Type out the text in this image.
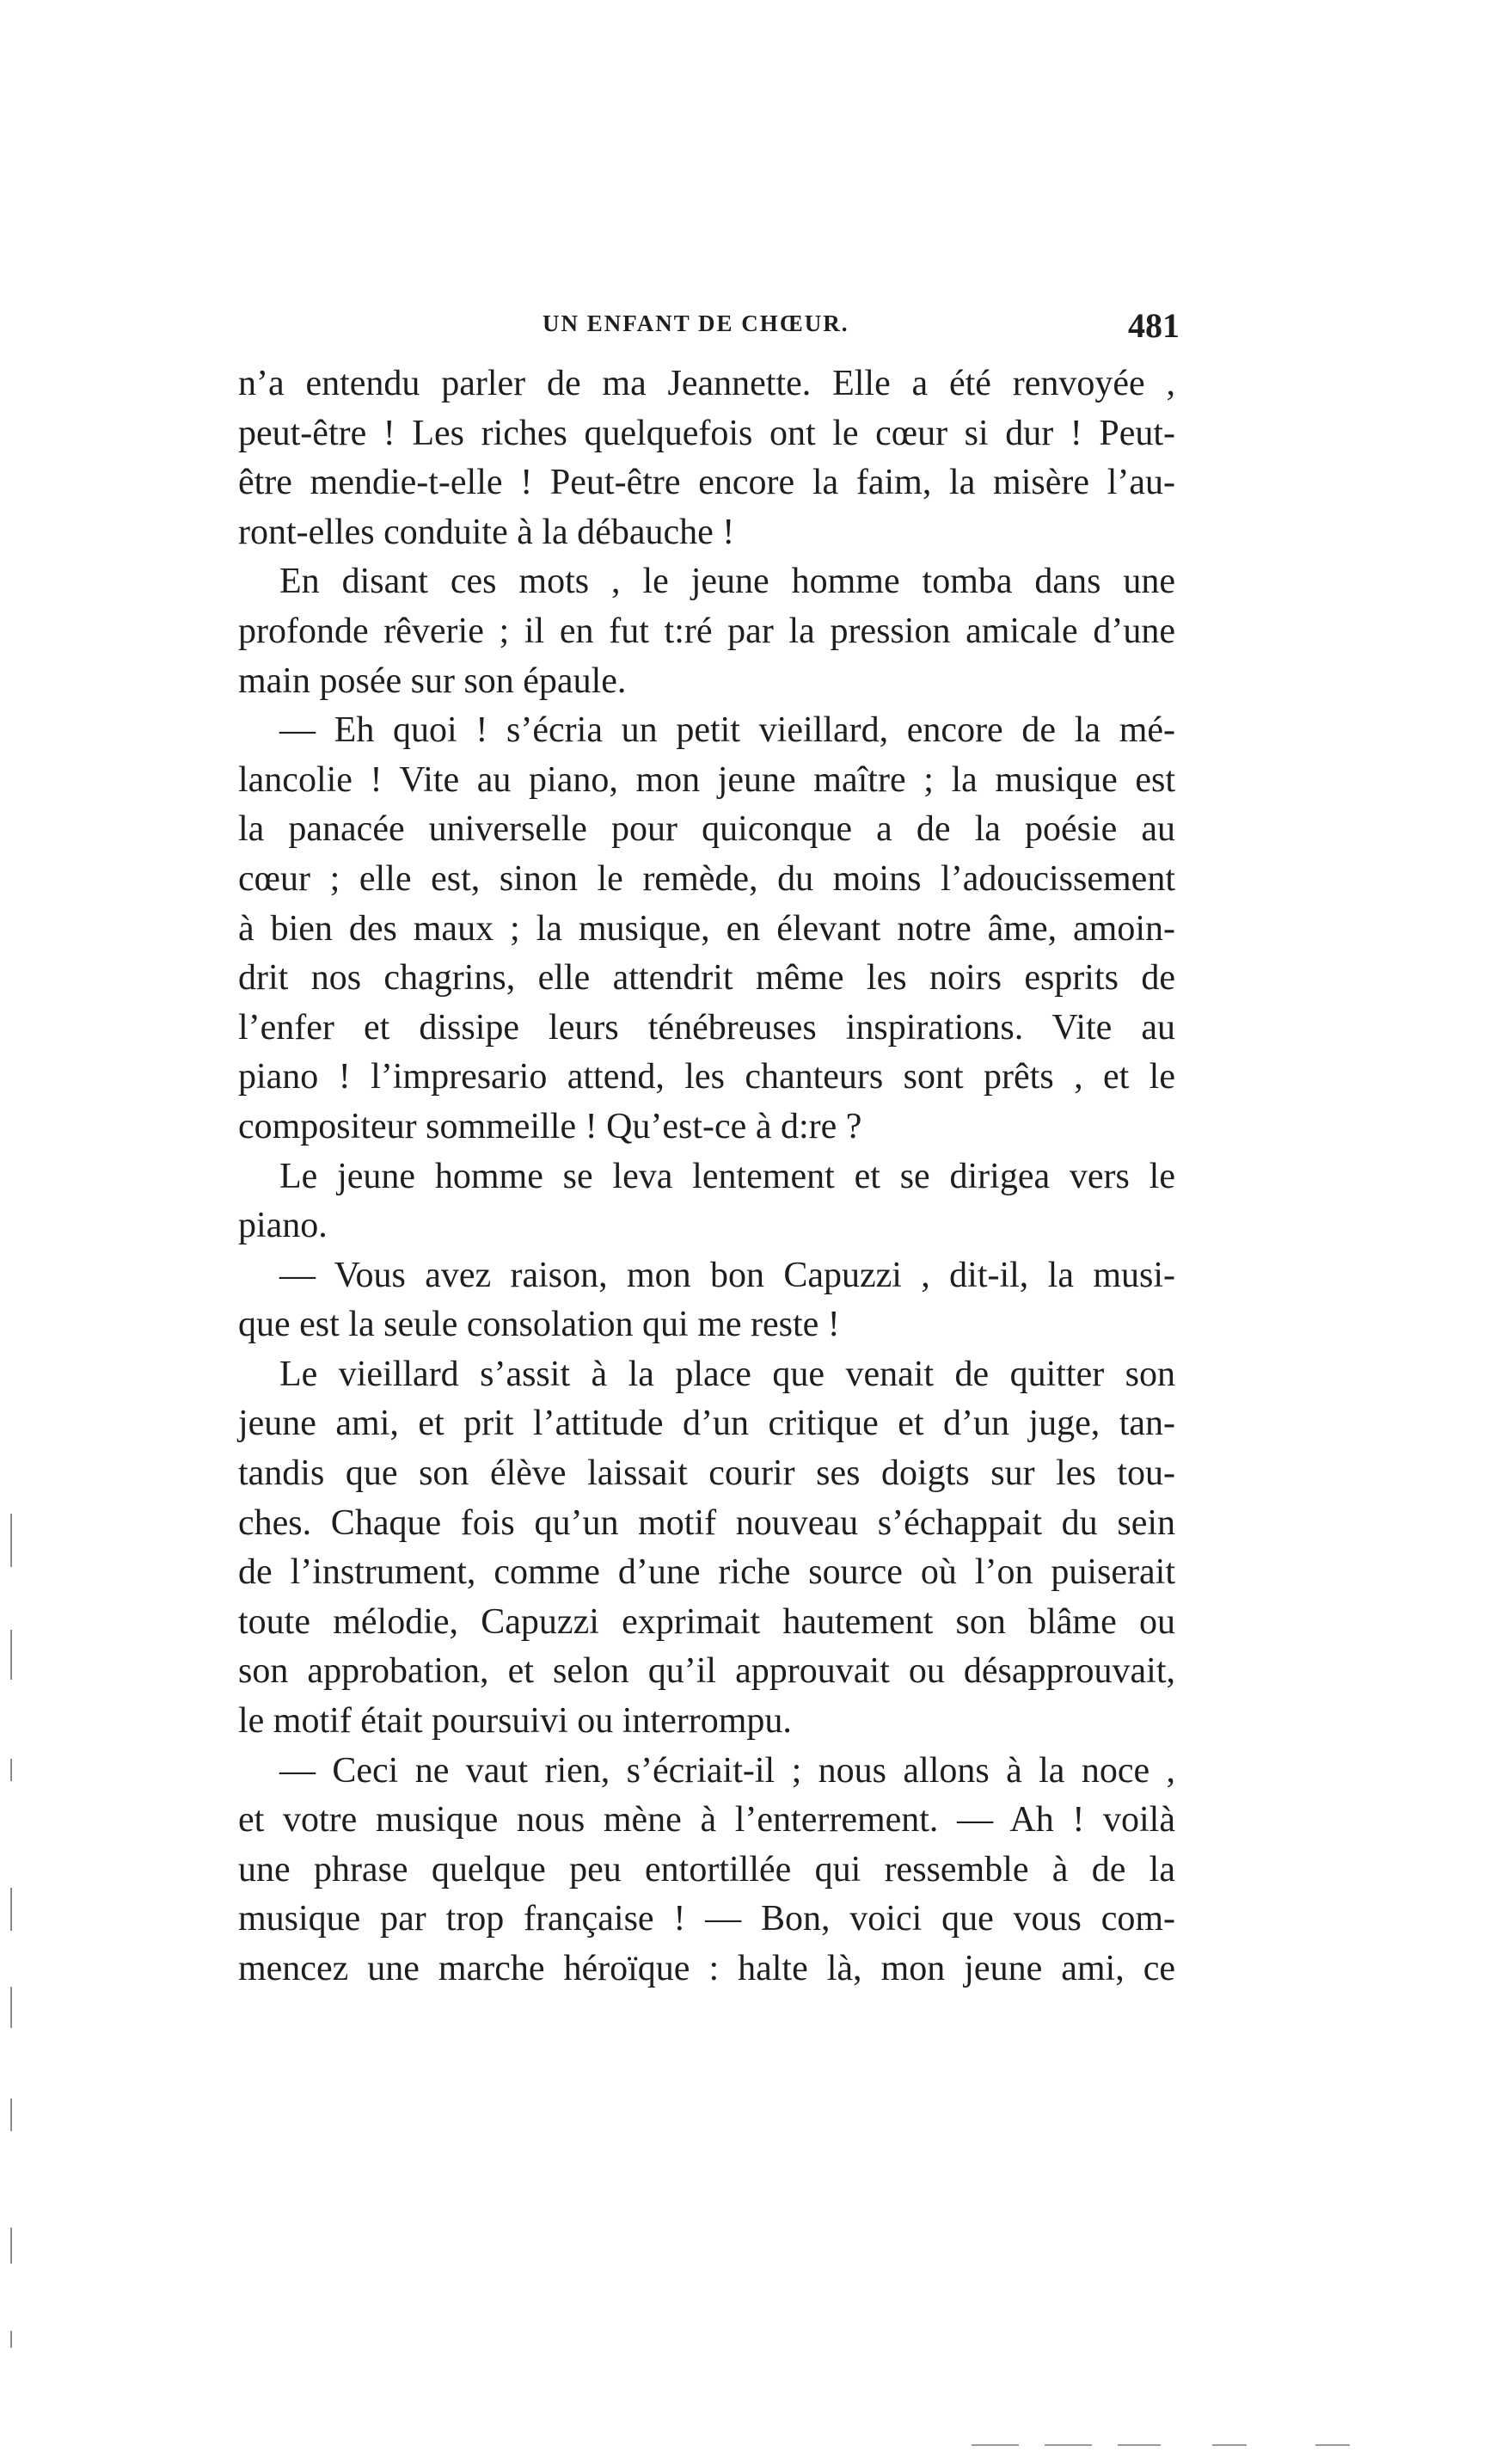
UN ENFANT DE CHŒUR.	481
n’a entendu parler de ma Jeannette. Elle a été renvoyée ,
peut-être ! Les riches quelquefois ont le cœur si dur ! Peut-
être mendie-t-elle ! Peut-être encore la faim, la misère l’au-
ront-elles conduite à la débauche !
En disant ces mots , le jeune homme tomba dans une
profonde rêverie ; il en fut t:ré par la pression amicale d’une
main posée sur son épaule.
— Eh quoi ! s’écria un petit vieillard, encore de la mé-
lancolie ! Vite au piano, mon jeune maître ; la musique est
la panacée universelle pour quiconque a de la poésie au
cœur ; elle est, sinon le remède, du moins l’adoucissement
à bien des maux ; la musique, en élevant notre âme, amoin-
drit nos chagrins, elle attendrit même les noirs esprits de
l’enfer et dissipe leurs ténébreuses inspirations. Vite au
piano ! l’impresario attend, les chanteurs sont prêts , et le
compositeur sommeille ! Qu’est-ce à d:re ?
Le jeune homme se leva lentement et se dirigea vers le
piano.
— Vous avez raison, mon bon Capuzzi , dit-il, la musi-
que est la seule consolation qui me reste !
Le vieillard s’assit à la place que venait de quitter son
jeune ami, et prit l’attitude d’un critique et d’un juge, tan-
tandis que son élève laissait courir ses doigts sur les tou-
ches. Chaque fois qu’un motif nouveau s’échappait du sein
de l’instrument, comme d’une riche source où l’on puiserait
toute mélodie, Capuzzi exprimait hautement son blâme ou
son approbation, et selon qu’il approuvait ou désapprouvait,
le motif était poursuivi ou interrompu.
— Ceci ne vaut rien, s’écriait-il ; nous allons à la noce ,
et votre musique nous mène à l’enterrement. — Ah ! voilà
une phrase quelque peu entortillée qui ressemble à de la
musique par trop française ! — Bon, voici que vous com-
mencez une marche héroïque : halte là, mon jeune ami, ce
